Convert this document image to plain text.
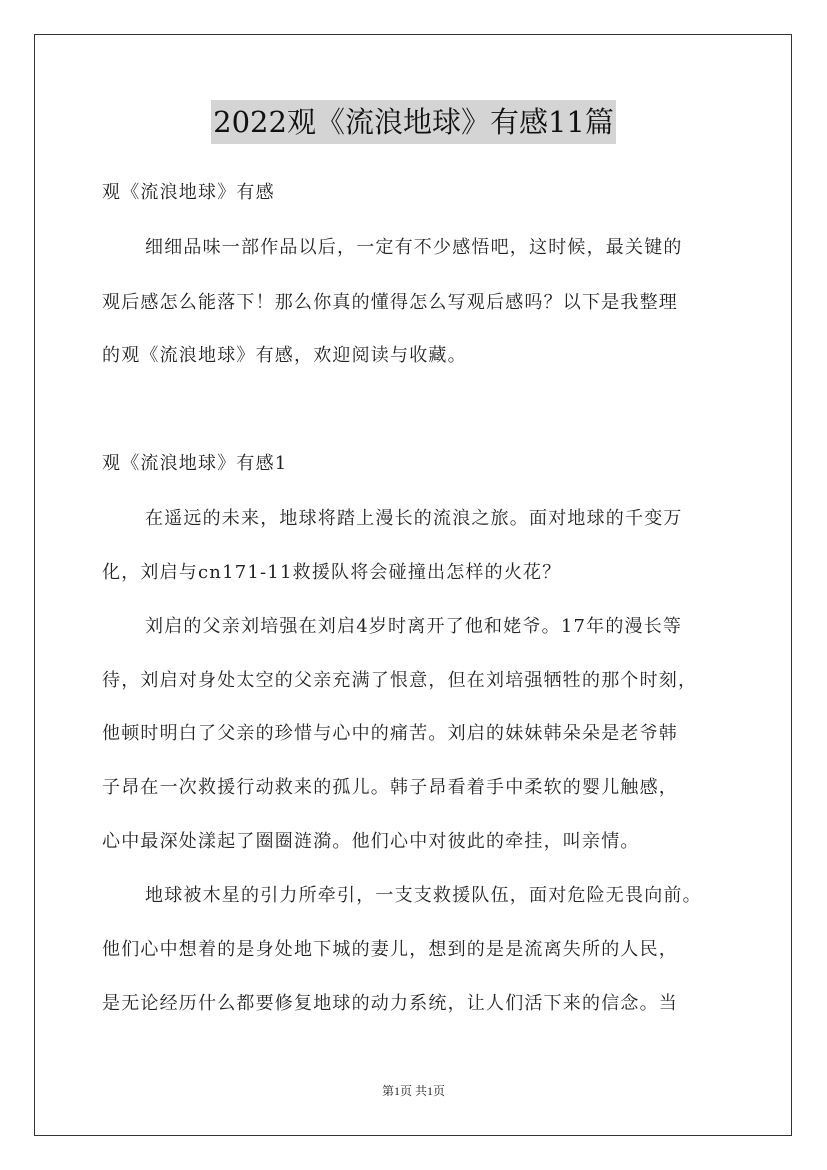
2022观《流浪地球》有感11篇
观《流浪地球》有感
细细品味一部作品以后，一定有不少感悟吧，这时候，最关键的
观后感怎么能落下！那么你真的懂得怎么写观后感吗？以下是我整理
的观《流浪地球》有感，欢迎阅读与收藏。
观《流浪地球》有感1
在遥远的未来，地球将踏上漫长的流浪之旅。面对地球的千变万
化，刘启与cn171-11救援队将会碰撞出怎样的火花？
刘启的父亲刘培强在刘启4岁时离开了他和姥爷。17年的漫长等
待，刘启对身处太空的父亲充满了恨意，但在刘培强牺牲的那个时刻，
他顿时明白了父亲的珍惜与心中的痛苦。刘启的妹妹韩朵朵是老爷韩
子昂在一次救援行动救来的孤儿。韩子昂看着手中柔软的婴儿触感，
心中最深处漾起了圈圈涟漪。他们心中对彼此的牵挂，叫亲情。
地球被木星的引力所牵引，一支支救援队伍，面对危险无畏向前。
他们心中想着的是身处地下城的妻儿，想到的是是流离失所的人民，
是无论经历什么都要修复地球的动力系统，让人们活下来的信念。当
第1页 共1页
